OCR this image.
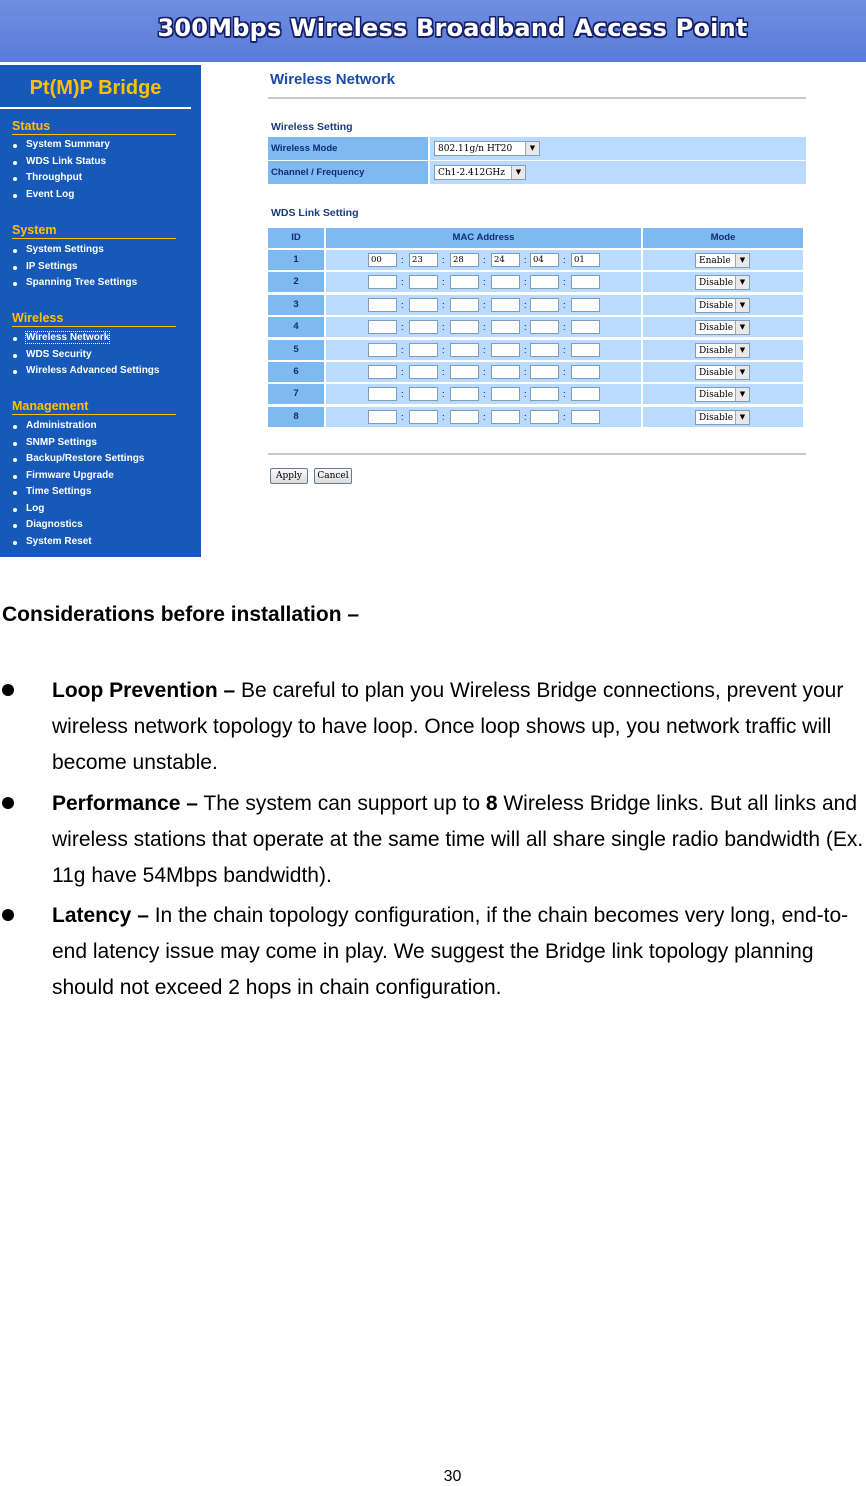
300Mbps Wireless Broadband Access Point
Pt(M)P Bridge
Status
System Summary
WDS Link Status
Throughput
Event Log
System
System Settings
IP Settings
Spanning Tree Settings
Wireless
Wireless Network
WDS Security
Wireless Advanced Settings
Management
Administration
SNMP Settings
Backup/Restore Settings
Firmware Upgrade
Time Settings
Log
Diagnostics
System Reset
Wireless Network
Wireless Setting
Wireless Mode	802.11g/n HT20	▼
Channel / Frequency	Ch1-2.412GHz	▼
WDS Link Setting
ID	MAC Address	Mode
1	00	: 23	: 28	: 24	: 04	: 01	Enable	▼
2	:	:	:	:	:	Disable ▼
3	:	:	:	:	:	Disable ▼
4	:	:	:	:	:	Disable ▼
5	:	:	:	:	:	Disable ▼
6	:	:	:	:	:	Disable ▼
7	:	:	:	:	:	Disable ▼
8	:	:	:	:	:	Disable ▼
Apply	Cancel
Considerations before installation –
Loop Prevention – Be careful to plan you Wireless Bridge connections, prevent your wireless network topology to have loop. Once loop shows up, you network traffic will become unstable.
Performance – The system can support up to 8 Wireless Bridge links. But all links and wireless stations that operate at the same time will all share single radio bandwidth (Ex. 11g have 54Mbps bandwidth).
Latency – In the chain topology configuration, if the chain becomes very long, end-to-end latency issue may come in play. We suggest the Bridge link topology planning should not exceed 2 hops in chain configuration.
30
